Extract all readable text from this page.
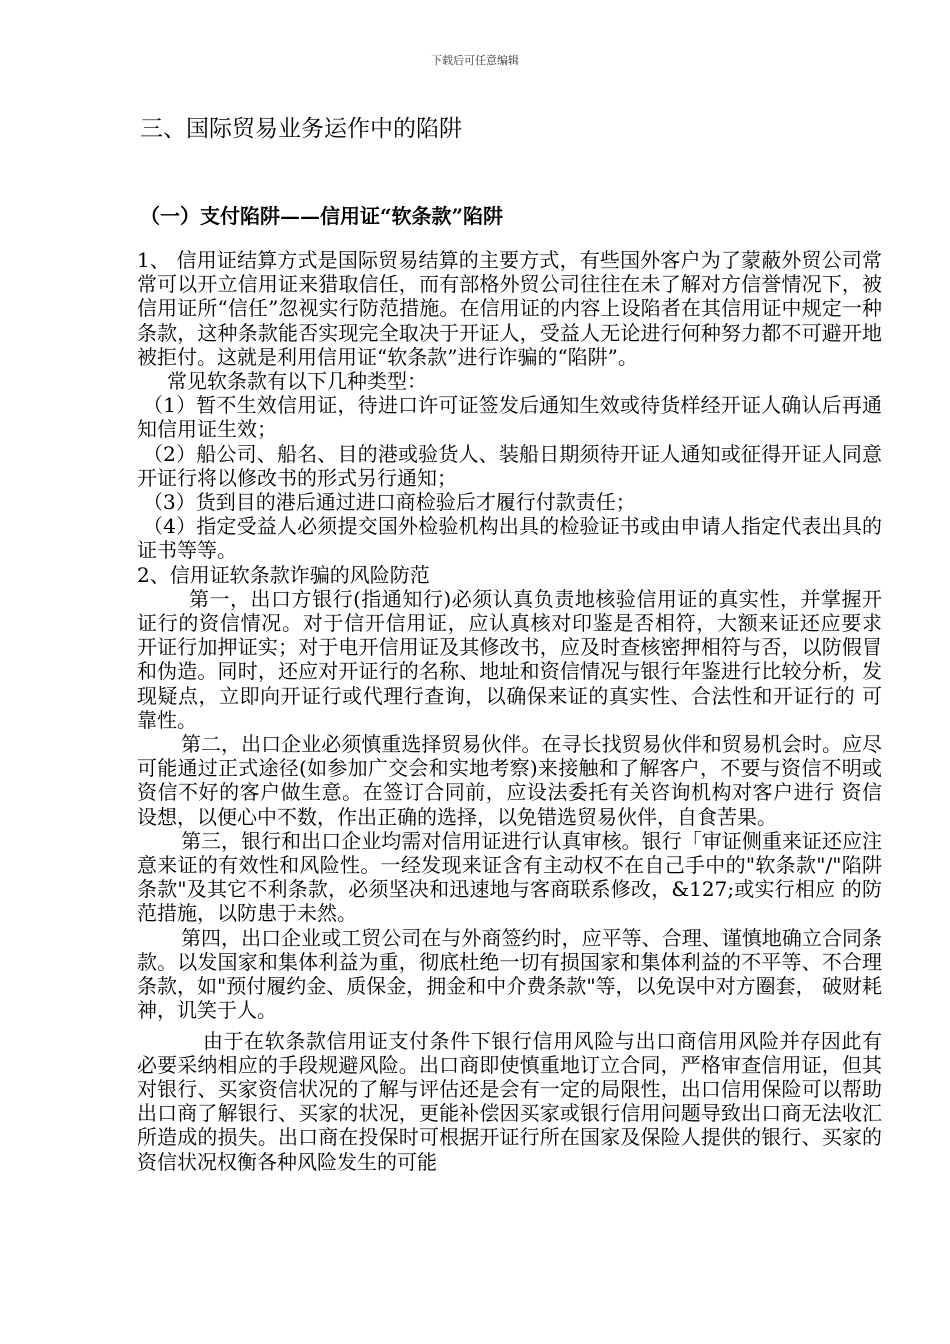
下载后可任意编辑
三、国际贸易业务运作中的陷阱
（一）支付陷阱——信用证“软条款”陷阱

1、 信用证结算方式是国际贸易结算的主要方式，有些国外客户为了蒙蔽外贸公司常常可以开立信用证来猎取信任，而有部格外贸公司往往在未了解对方信誉情况下，被信用证所“信任”忽视实行防范措施。在信用证的内容上设陷者在其信用证中规定一种条款，这种条款能否实现完全取决于开证人，受益人无论进行何种努力都不可避开地被拒付。这就是利用信用证“软条款”进行诈骗的“陷阱”。

常见软条款有以下几种类型：

（1）暂不生效信用证，待进口许可证签发后通知生效或待货样经开证人确认后再通知信用证生效；

（2）船公司、船名、目的港或验货人、装船日期须待开证人通知或征得开证人同意开证行将以修改书的形式另行通知；

（3）货到目的港后通过进口商检验后才履行付款责任；

（4）指定受益人必须提交国外检验机构出具的检验证书或由申请人指定代表出具的证书等等。

2、信用证软条款诈骗的风险防范

第一，出口方银行(指通知行)必须认真负责地核验信用证的真实性，并掌握开证行的资信情况。对于信开信用证，应认真核对印鉴是否相符，大额来证还应要求 开证行加押证实；对于电开信用证及其修改书，应及时查核密押相符与否，以防假冒和伪造。同时，还应对开证行的名称、地址和资信情况与银行年鉴进行比较分析，发现疑点，立即向开证行或代理行查询，以确保来证的真实性、合法性和开证行的 可靠性。

第二，出口企业必须慎重选择贸易伙伴。在寻长找贸易伙伴和贸易机会时。应尽可能通过正式途径(如参加广交会和实地考察)来接触和了解客户，不要与资信不明或资信不好的客户做生意。在签订合同前，应设法委托有关咨询机构对客户进行 资信设想，以便心中不数，作出正确的选择，以免错选贸易伙伴，自食苦果。

第三，银行和出口企业均需对信用证进行认真审核。银行「审证侧重来证还应注意来证的有效性和风险性。一经发现来证含有主动权不在自己手中的"软条款"/"陷阱条款"及其它不利条款，必须坚决和迅速地与客商联系修改，&127;或实行相应 的防范措施，以防患于未然。

第四，出口企业或工贸公司在与外商签约时，应平等、合理、谨慎地确立合同条款。以发国家和集体利益为重，彻底杜绝一切有损国家和集体利益的不平等、不合理条款，如"预付履约金、质保金，拥金和中介费条款"等，以免误中对方圈套， 破财耗神，讥笑于人。

由于在软条款信用证支付条件下银行信用风险与出口商信用风险并存因此有必要采纳相应的手段规避风险。出口商即使慎重地订立合同，严格审查信用证，但其对银行、买家资信状况的了解与评估还是会有一定的局限性，出口信用保险可以帮助出口商了解银行、买家的状况，更能补偿因买家或银行信用问题导致出口商无法收汇所造成的损失。出口商在投保时可根据开证行所在国家及保险人提供的银行、买家的资信状况权衡各种风险发生的可能
